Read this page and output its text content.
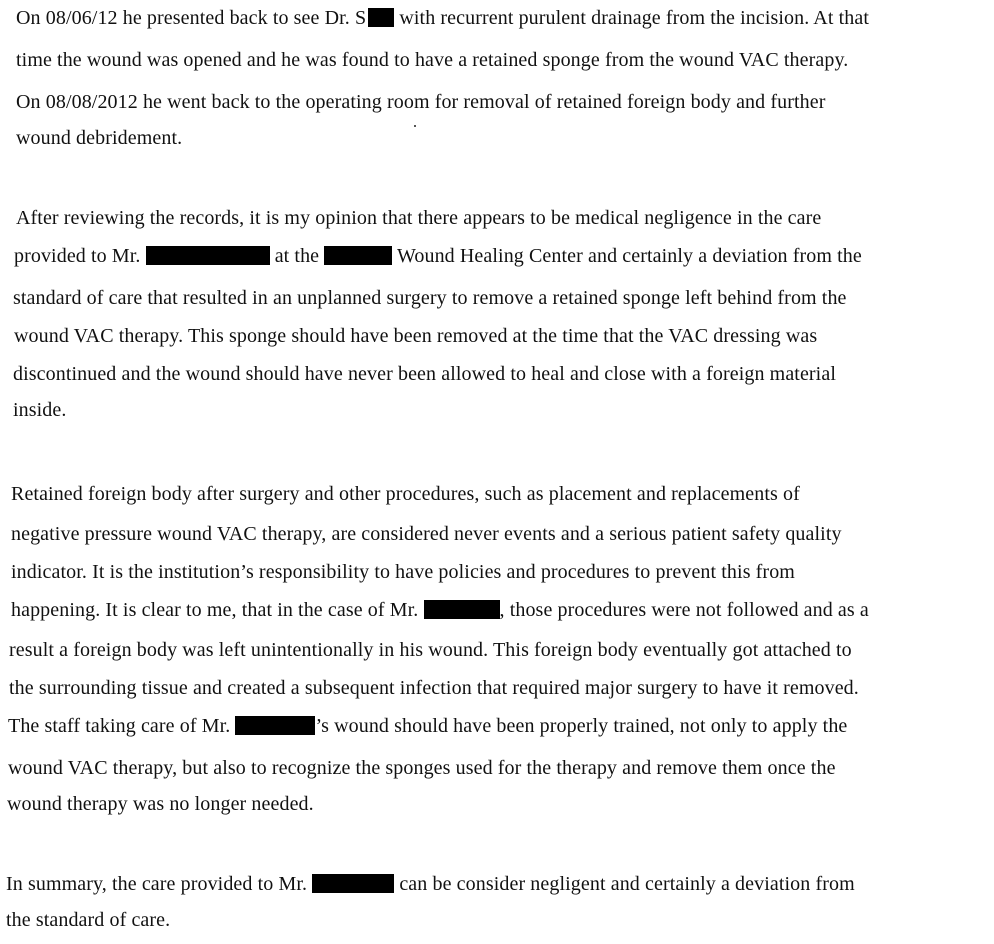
On 08/06/12 he presented back to see Dr. S with recurrent purulent drainage from the incision. At that
time the wound was opened and he was found to have a retained sponge from the wound VAC therapy.
On 08/08/2012 he went back to the operating room for removal of retained foreign body and further
wound debridement.
After reviewing the records, it is my opinion that there appears to be medical negligence in the care
provided to Mr.	at the	Wound Healing Center and certainly a deviation from the
standard of care that resulted in an unplanned surgery to remove a retained sponge left behind from the
wound VAC therapy. This sponge should have been removed at the time that the VAC dressing was
discontinued and the wound should have never been allowed to heal and close with a foreign material
inside.
Retained foreign body after surgery and other procedures, such as placement and replacements of
negative pressure wound VAC therapy, are considered never events and a serious patient safety quality
indicator. It is the institution’s responsibility to have policies and procedures to prevent this from
happening. It is clear to me, that in the case of Mr.	, those procedures were not followed and as a
result a foreign body was left unintentionally in his wound. This foreign body eventually got attached to
the surrounding tissue and created a subsequent infection that required major surgery to have it removed.
The staff taking care of Mr.	’s wound should have been properly trained, not only to apply the
wound VAC therapy, but also to recognize the sponges used for the therapy and remove them once the
wound therapy was no longer needed.
In summary, the care provided to Mr.	can be consider negligent and certainly a deviation from
the standard of care.
